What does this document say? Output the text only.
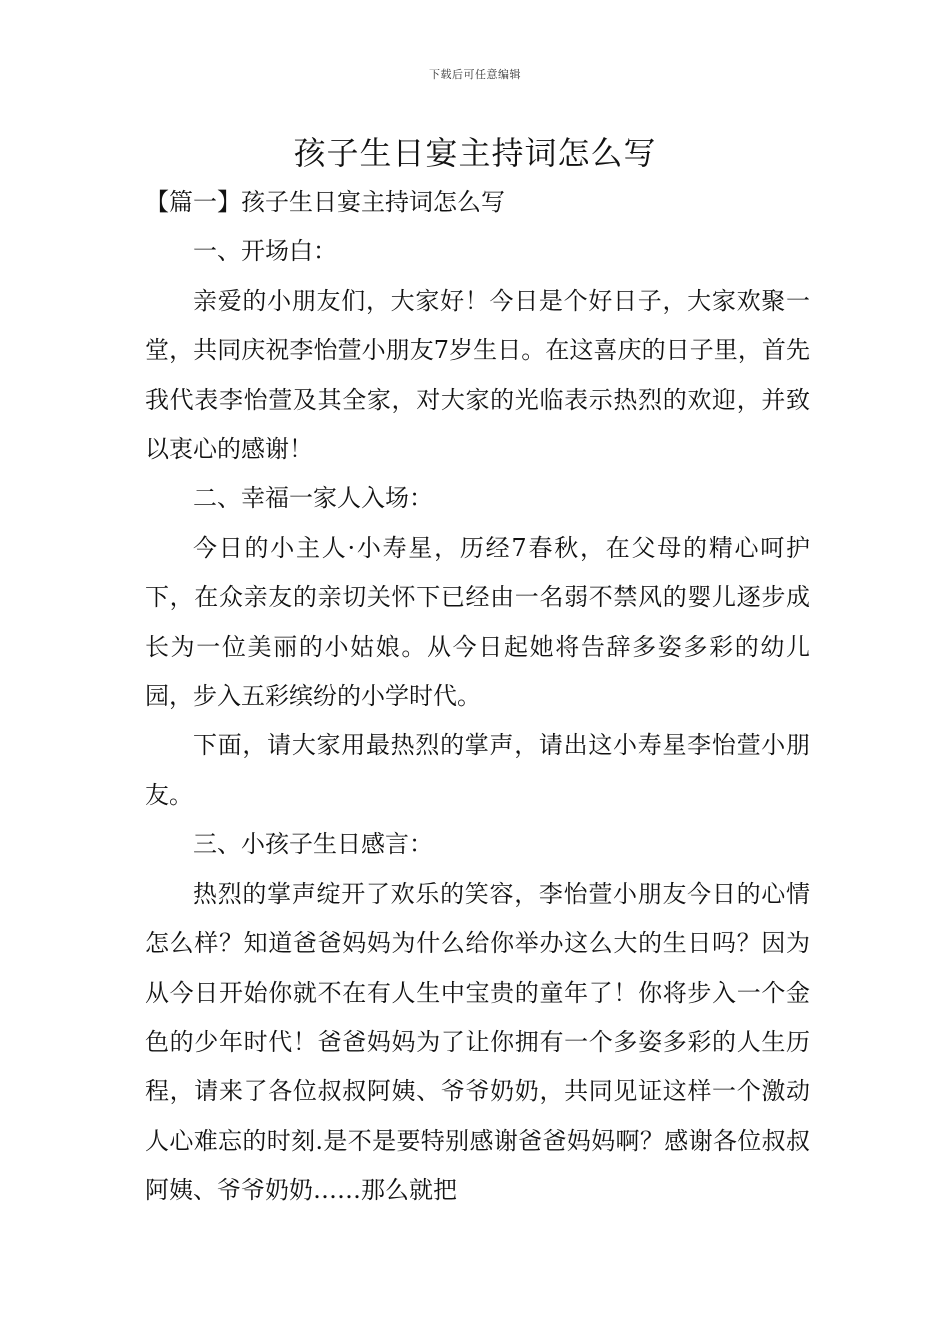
下载后可任意编辑
孩子生日宴主持词怎么写

【篇一】孩子生日宴主持词怎么写

一、开场白：

亲爱的小朋友们，大家好！今日是个好日子，大家欢聚一堂，共同庆祝李怡萱小朋友7岁生日。在这喜庆的日子里，首先我代表李怡萱及其全家，对大家的光临表示热烈的欢迎，并致以衷心的感谢！

二、幸福一家人入场：

今日的小主人·小寿星，历经7春秋，在父母的精心呵护下，在众亲友的亲切关怀下已经由一名弱不禁风的婴儿逐步成长为一位美丽的小姑娘。从今日起她将告辞多姿多彩的幼儿园，步入五彩缤纷的小学时代。

下面，请大家用最热烈的掌声，请出这小寿星李怡萱小朋友。

三、小孩子生日感言：

热烈的掌声绽开了欢乐的笑容，李怡萱小朋友今日的心情怎么样？知道爸爸妈妈为什么给你举办这么大的生日吗？因为从今日开始你就不在有人生中宝贵的童年了！你将步入一个金色的少年时代！爸爸妈妈为了让你拥有一个多姿多彩的人生历程，请来了各位叔叔阿姨、爷爷奶奶，共同见证这样一个激动人心难忘的时刻.是不是要特别感谢爸爸妈妈啊？感谢各位叔叔阿姨、爷爷奶奶……那么就把
